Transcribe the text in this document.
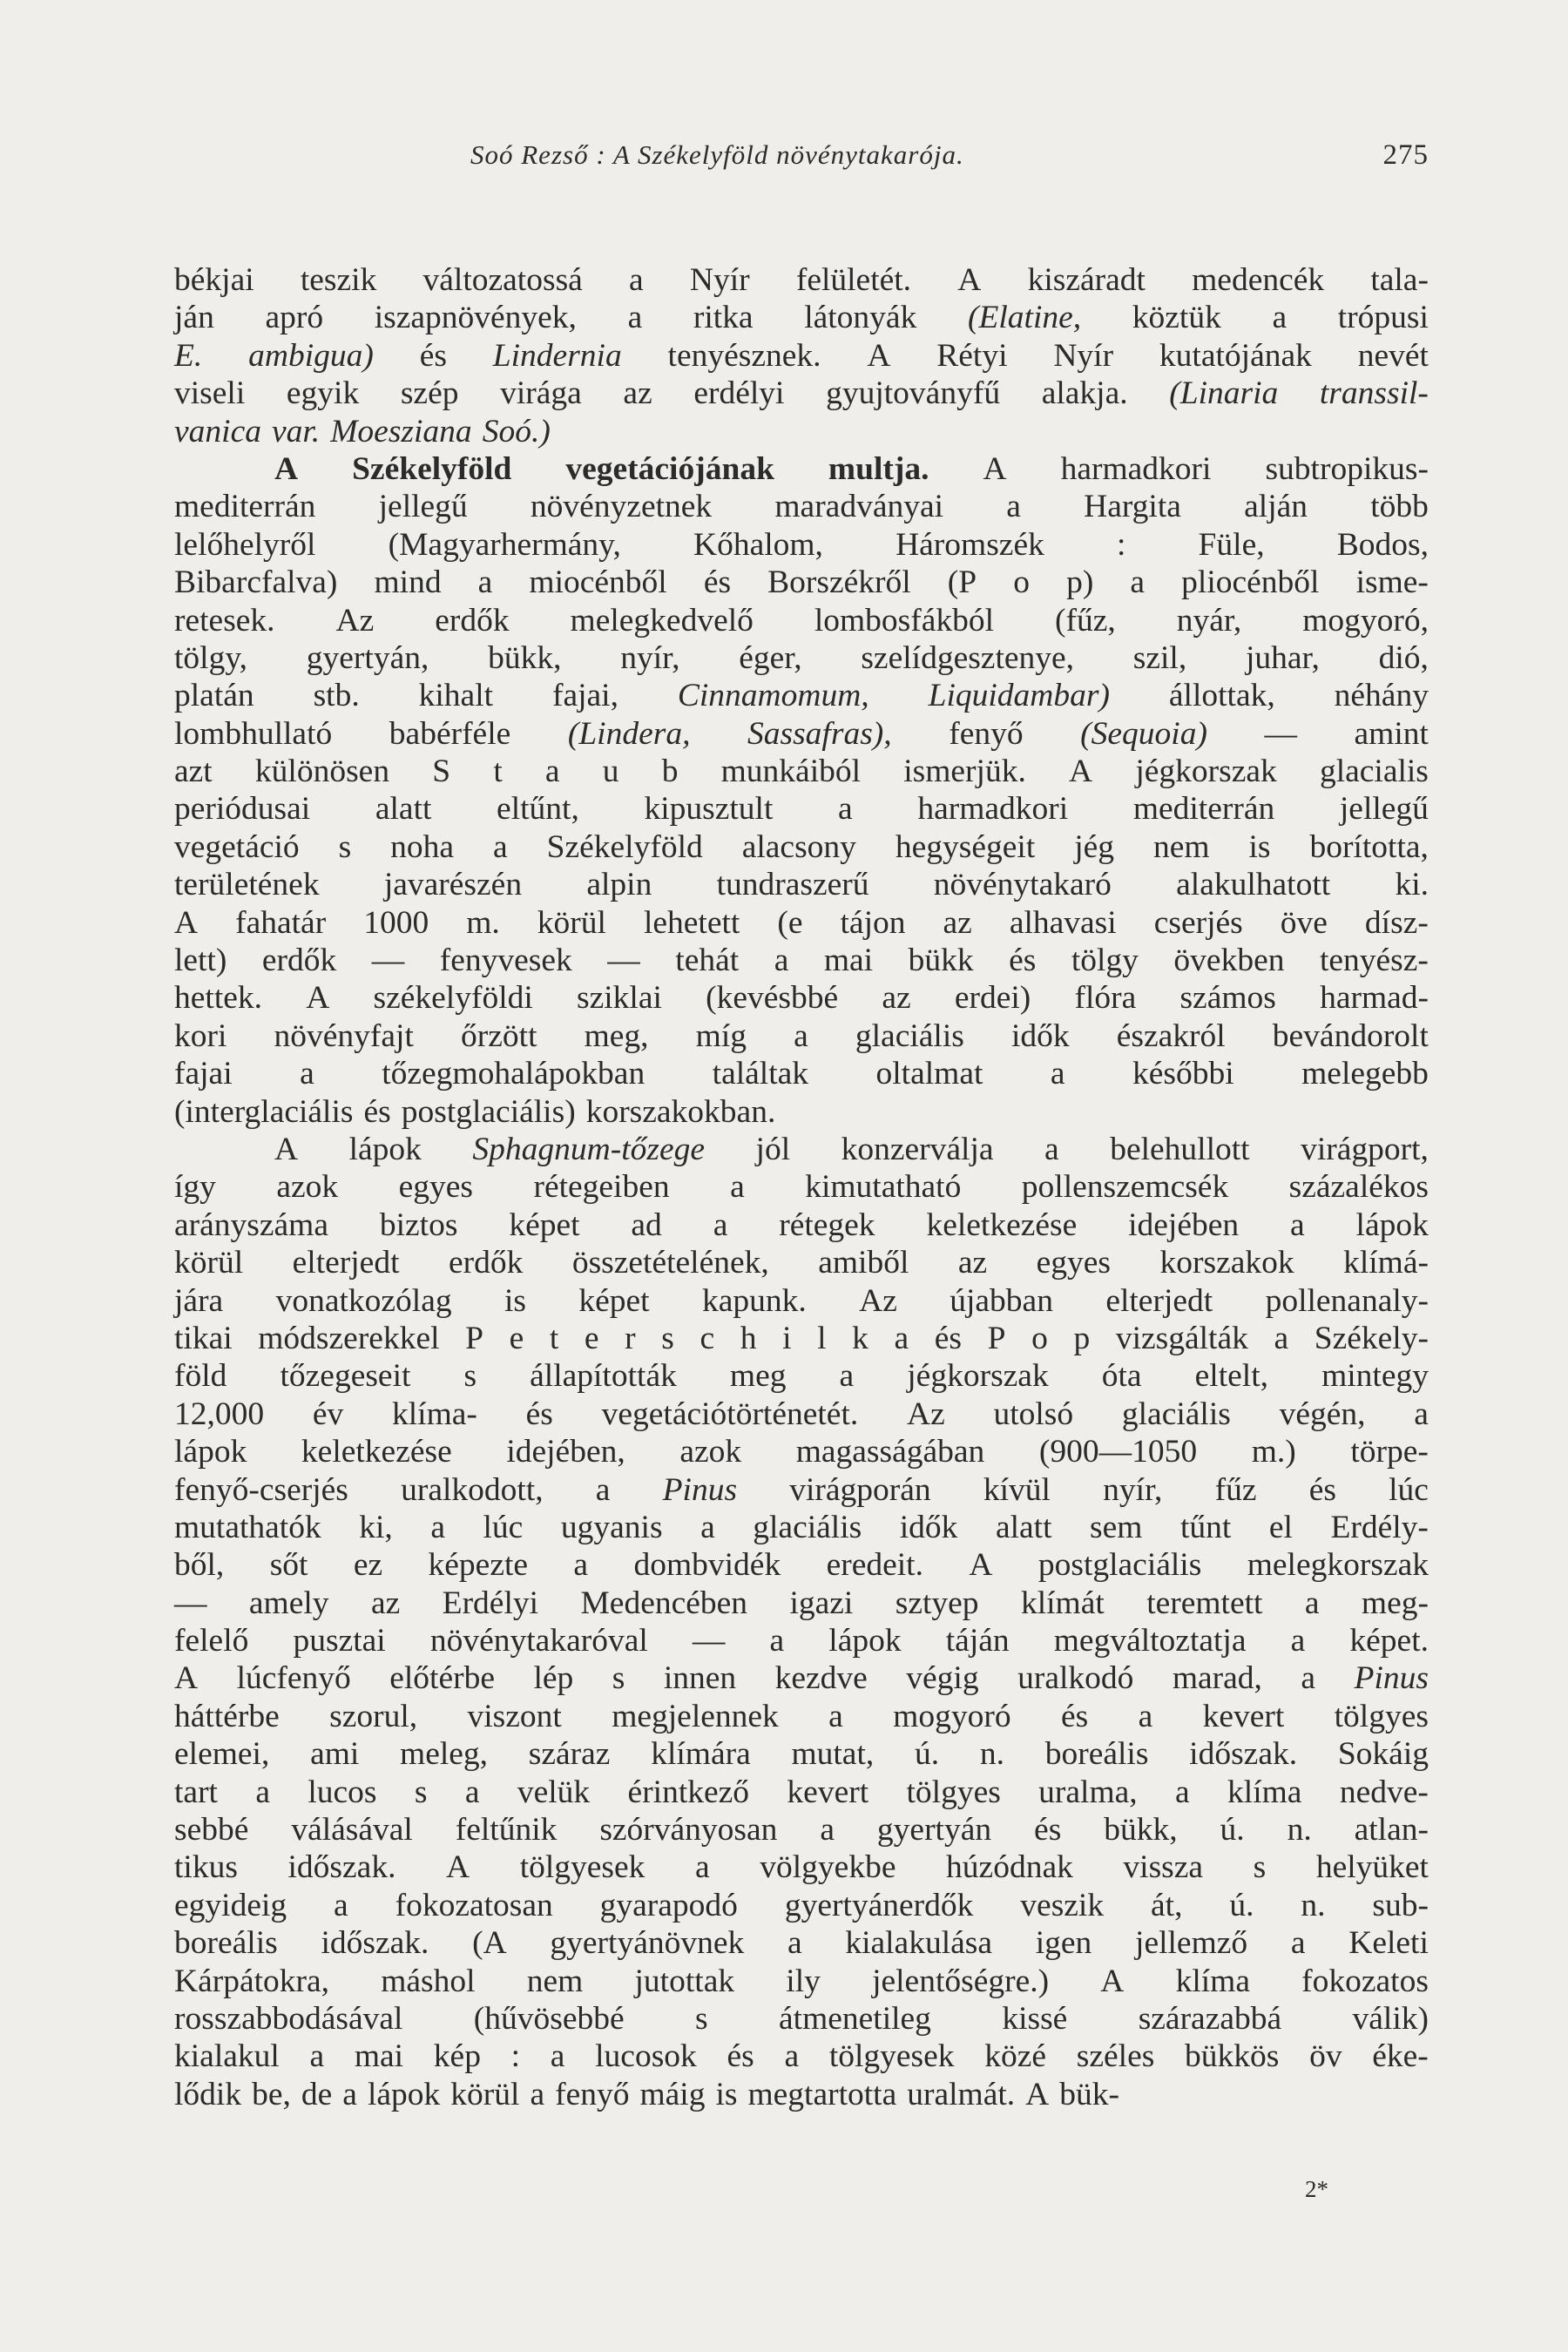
Soó Rezső : A Székelyföld növénytakarója.	275
békjai teszik változatossá a Nyír felületét. A kiszáradt medencék tala-
ján apró iszapnövények, a ritka látonyák (Elatine, köztük a trópusi
E. ambigua) és Lindernia tenyésznek. A Rétyi Nyír kutatójának nevét
viseli egyik szép virága az erdélyi gyujtoványfű alakja. (Linaria transsil-
vanica var. Moesziana Soó.)
A Székelyföld vegetációjának multja. A harmadkori subtropikus-
mediterrán jellegű növényzetnek maradványai a Hargita alján több
lelőhelyről (Magyarhermány, Kőhalom, Háromszék : Füle, Bodos,
Bibarcfalva) mind a miocénből és Borszékről (P o p) a pliocénből isme-
retesek. Az erdők melegkedvelő lombosfákból (fűz, nyár, mogyoró,
tölgy, gyertyán, bükk, nyír, éger, szelídgesztenye, szil, juhar, dió,
platán stb. kihalt fajai, Cinnamomum, Liquidambar) állottak, néhány
lombhullató babérféle (Lindera, Sassafras), fenyő (Sequoia) — amint
azt különösen S t a u b munkáiból ismerjük. A jégkorszak glacialis
periódusai alatt eltűnt, kipusztult a harmadkori mediterrán jellegű
vegetáció s noha a Székelyföld alacsony hegységeit jég nem is borította,
területének javarészén alpin tundraszerű növénytakaró alakulhatott ki.
A fahatár 1000 m. körül lehetett (e tájon az alhavasi cserjés öve dísz-
lett) erdők — fenyvesek — tehát a mai bükk és tölgy övekben tenyész-
hettek. A székelyföldi sziklai (kevésbbé az erdei) flóra számos harmad-
kori növényfajt őrzött meg, míg a glaciális idők északról bevándorolt
fajai a tőzegmohalápokban találtak oltalmat a későbbi melegebb
(interglaciális és postglaciális) korszakokban.
A lápok Sphagnum-tőzege jól konzerválja a belehullott virágport,
így azok egyes rétegeiben a kimutatható pollenszemcsék százalékos
arányszáma biztos képet ad a rétegek keletkezése idejében a lápok
körül elterjedt erdők összetételének, amiből az egyes korszakok klímá-
jára vonatkozólag is képet kapunk. Az újabban elterjedt pollenanaly-
tikai módszerekkel P e t e r s c h i l k a és P o p vizsgálták a Székely-
föld tőzegeseit s állapították meg a jégkorszak óta eltelt, mintegy
12,000 év klíma- és vegetációtörténetét. Az utolsó glaciális végén, a
lápok keletkezése idejében, azok magasságában (900—1050 m.) törpe-
fenyő-cserjés uralkodott, a Pinus virágporán kívül nyír, fűz és lúc
mutathatók ki, a lúc ugyanis a glaciális idők alatt sem tűnt el Erdély-
ből, sőt ez képezte a dombvidék eredeit. A postglaciális melegkorszak
— amely az Erdélyi Medencében igazi sztyep klímát teremtett a meg-
felelő pusztai növénytakaróval — a lápok táján megváltoztatja a képet.
A lúcfenyő előtérbe lép s innen kezdve végig uralkodó marad, a Pinus
háttérbe szorul, viszont megjelennek a mogyoró és a kevert tölgyes
elemei, ami meleg, száraz klímára mutat, ú. n. boreális időszak. Sokáig
tart a lucos s a velük érintkező kevert tölgyes uralma, a klíma nedve-
sebbé válásával feltűnik szórványosan a gyertyán és bükk, ú. n. atlan-
tikus időszak. A tölgyesek a völgyekbe húzódnak vissza s helyüket
egyideig a fokozatosan gyarapodó gyertyánerdők veszik át, ú. n. sub-
boreális időszak. (A gyertyánövnek a kialakulása igen jellemző a Keleti
Kárpátokra, máshol nem jutottak ily jelentőségre.) A klíma fokozatos
rosszabbodásával (hűvösebbé s átmenetileg kissé szárazabbá válik)
kialakul a mai kép : a lucosok és a tölgyesek közé széles bükkös öv éke-
lődik be, de a lápok körül a fenyő máig is megtartotta uralmát. A bük-
2*
